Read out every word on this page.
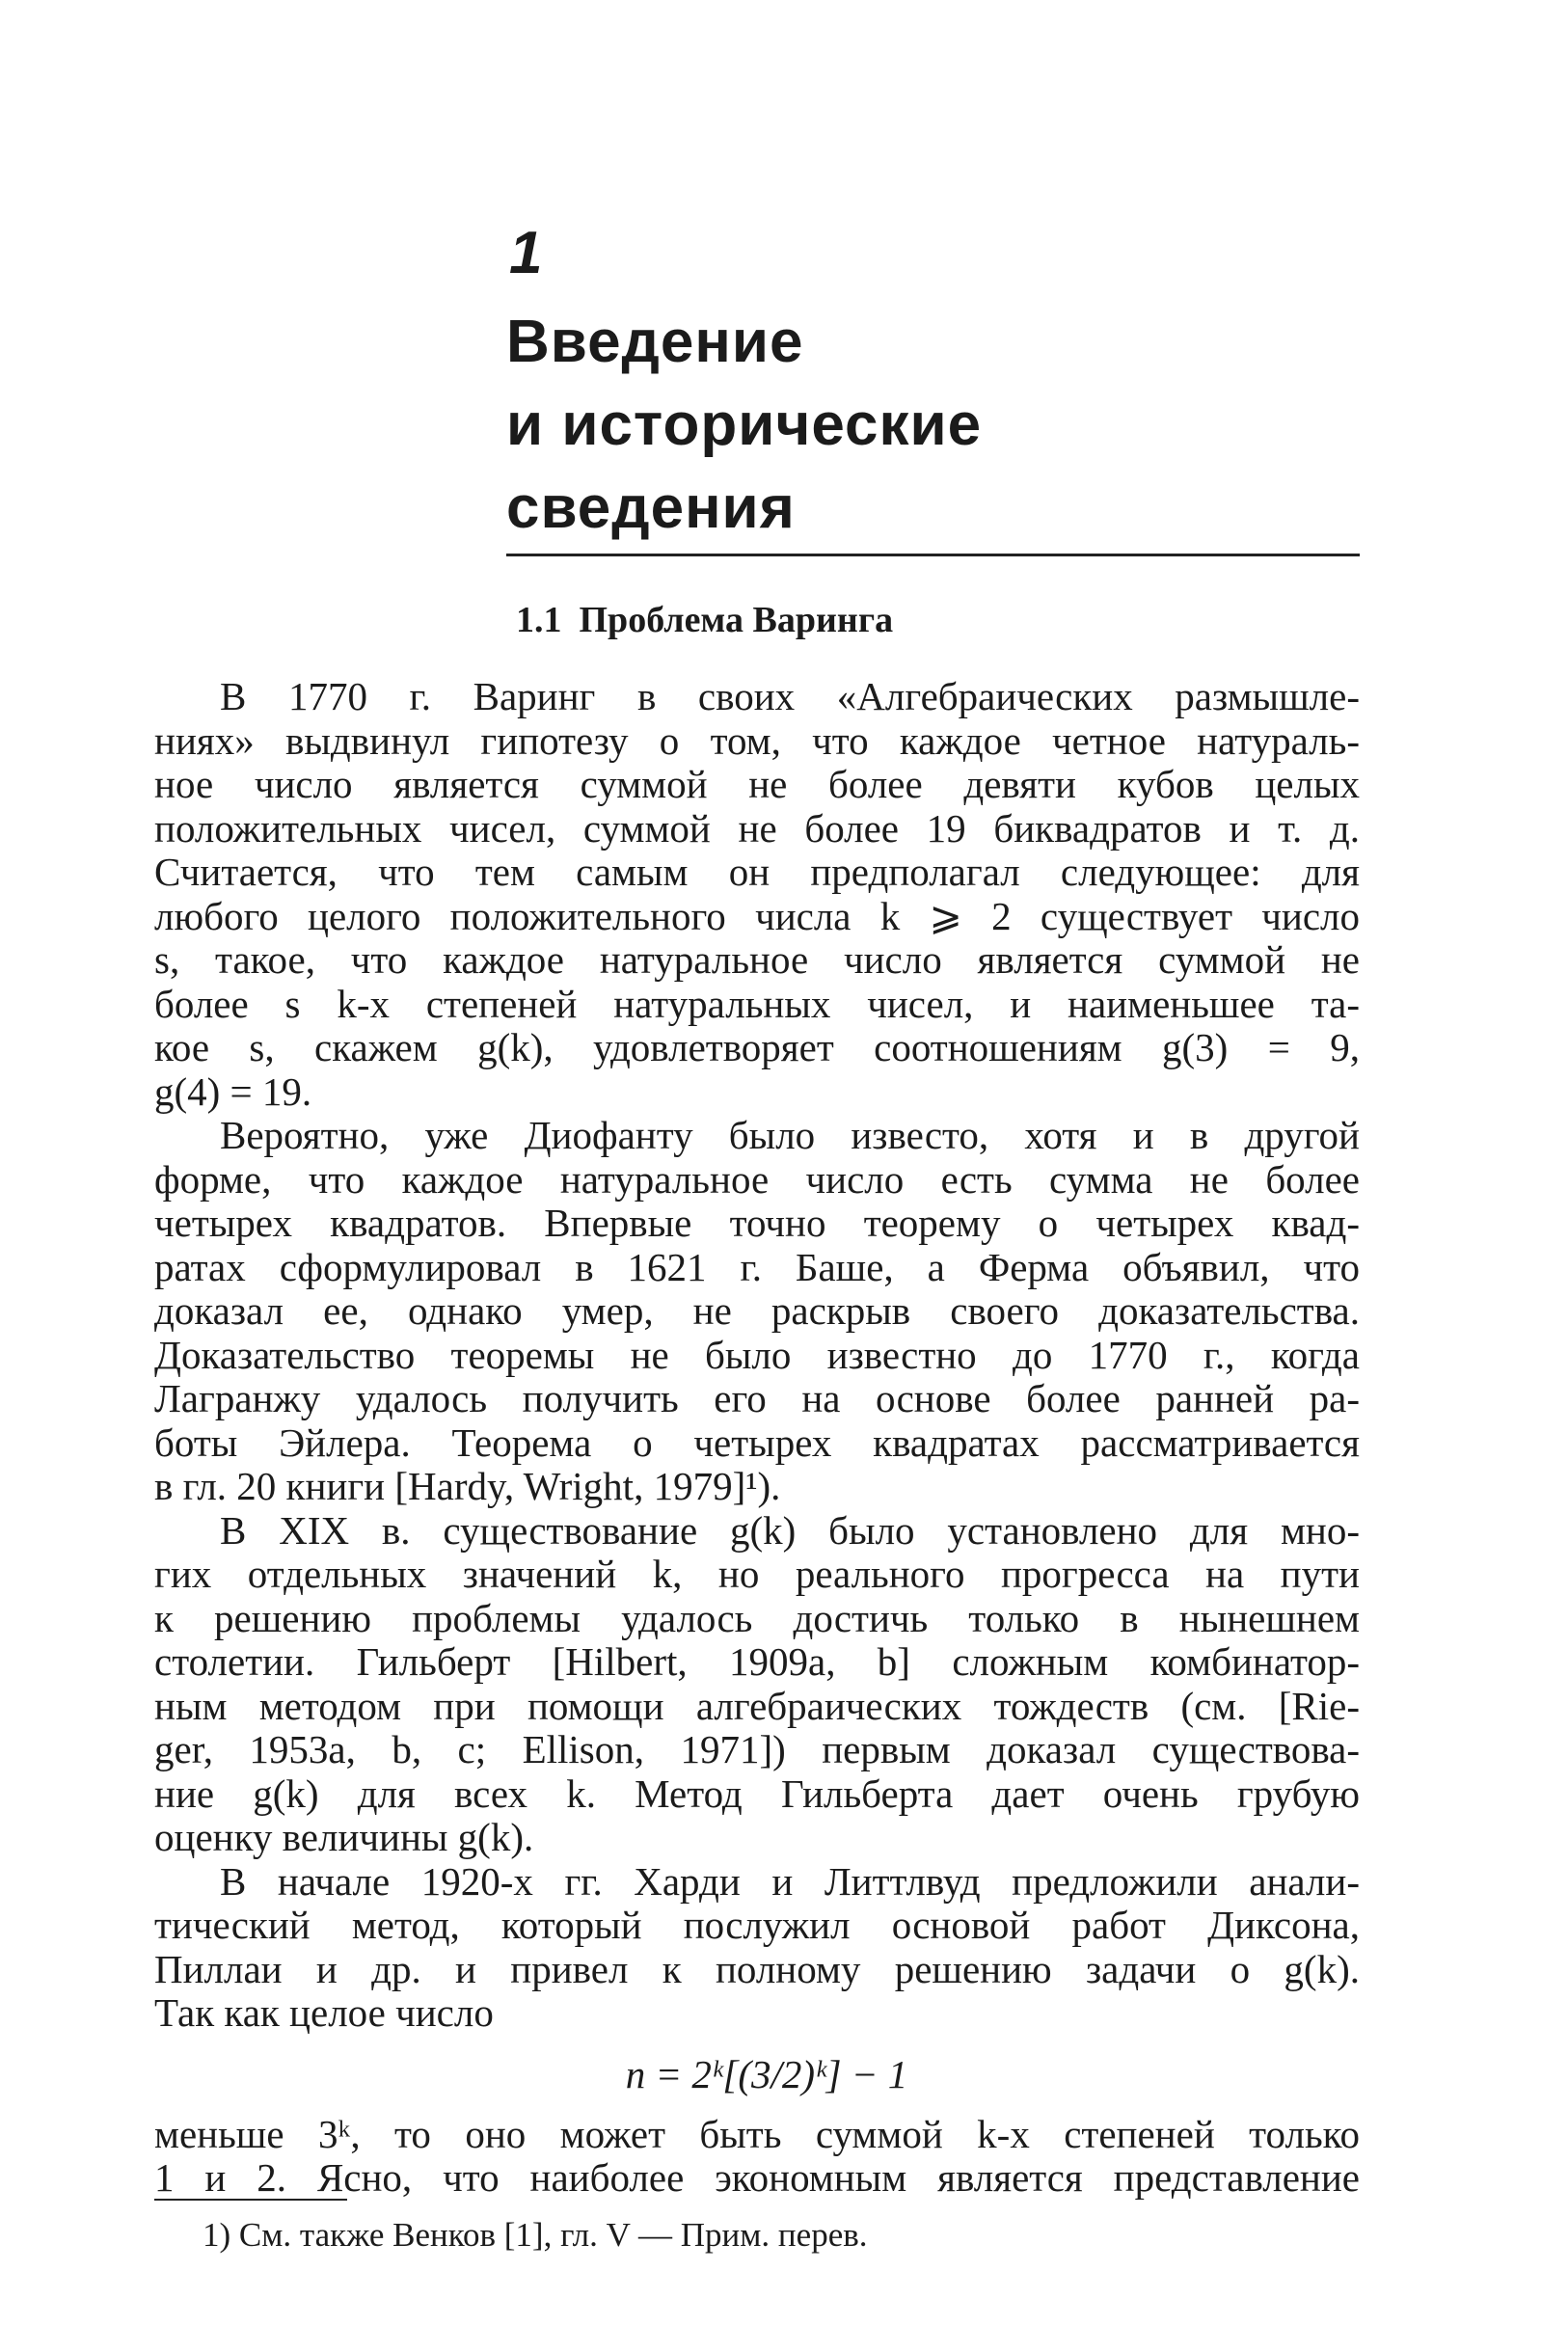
1
Введение
и исторические
сведения
1.1 Проблема Варинга
В 1770 г. Варинг в своих «Алгебраических размышле-
ниях» выдвинул гипотезу о том, что каждое четное натураль-
ное число является суммой не более девяти кубов целых
положительных чисел, суммой не более 19 биквадратов и т. д.
Считается, что тем самым он предполагал следующее: для
любого целого положительного числа k ⩾ 2 существует число
s, такое, что каждое натуральное число является суммой не
более s k-х степеней натуральных чисел, и наименьшее та-
кое s, скажем g(k), удовлетворяет соотношениям g(3) = 9,
g(4) = 19.
Вероятно, уже Диофанту было известо, хотя и в другой
форме, что каждое натуральное число есть сумма не более
четырех квадратов. Впервые точно теорему о четырех квад-
ратах сформулировал в 1621 г. Баше, а Ферма объявил, что
доказал ее, однако умер, не раскрыв своего доказательства.
Доказательство теоремы не было известно до 1770 г., когда
Лагранжу удалось получить его на основе более ранней ра-
боты Эйлера. Теорема о четырех квадратах рассматривается
в гл. 20 книги [Hardy, Wright, 1979]¹).
В XIX в. существование g(k) было установлено для мно-
гих отдельных значений k, но реального прогресса на пути
к решению проблемы удалось достичь только в нынешнем
столетии. Гильберт [Hilbert, 1909a, b] сложным комбинатор-
ным методом при помощи алгебраических тождеств (см. [Rie-
ger, 1953a, b, c; Ellison, 1971]) первым доказал существова-
ние g(k) для всех k. Метод Гильберта дает очень грубую
оценку величины g(k).
В начале 1920-х гг. Харди и Литтлвуд предложили анали-
тический метод, который послужил основой работ Диксона,
Пиллаи и др. и привел к полному решению задачи о g(k).
Так как целое число
n = 2ᵏ[(3/2)ᵏ] − 1
меньше 3ᵏ, то оно может быть суммой k-х степеней только
1 и 2. Ясно, что наиболее экономным является представление
1) См. также Венков [1], гл. V — Прим. перев.
